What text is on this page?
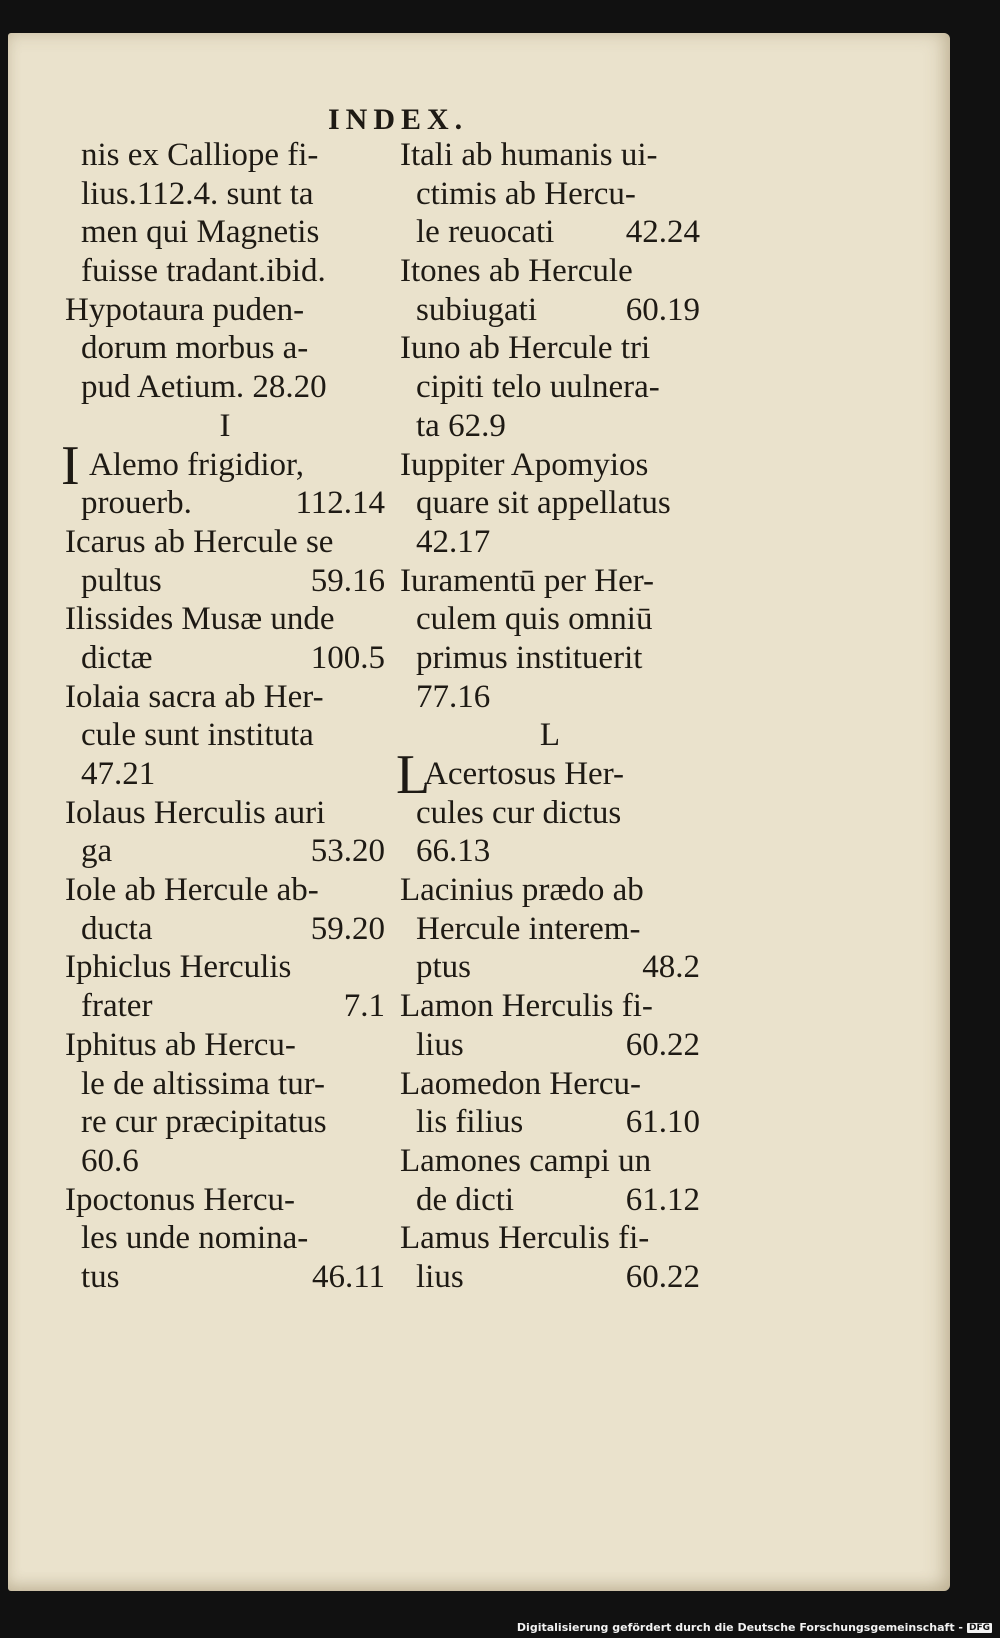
INDEX.
nis ex Calliope fi-
lius.112.4. sunt ta
men qui Magnetis
fuisse tradant.ibid.
Hypotaura puden-
dorum morbus a-
pud Aetium. 28.20
I
I Alemo frigidior,
prouerb.	112.14
Icarus ab Hercule se
pultus	59.16
Ilissides Musæ unde
dictæ	100.5
Iolaia sacra ab Her-
cule sunt instituta
47.21
Iolaus Herculis auri
ga	53.20
Iole ab Hercule ab-
ducta	59.20
Iphiclus Herculis
frater	7.1
Iphitus ab Hercu-
le de altissima tur-
re cur præcipitatus
60.6
Ipoctonus Hercu-
les unde nomina-
tus	46.11
Itali ab humanis ui-
ctimis ab Hercu-
le reuocati 42.24
Itones ab Hercule
subiugati	60.19
Iuno ab Hercule tri
cipiti telo uulnera-
ta 62.9
Iuppiter Apomyios
quare sit appellatus
42.17
Iuramentū per Her-
culem quis omniū
primus instituerit
77.16
L
L
Acertosus Her-
cules cur dictus
66.13
Lacinius prædo ab
Hercule interem-
ptus	48.2
Lamon Herculis fi-
lius	60.22
Laomedon Hercu-
lis filius	61.10
Lamones campi un
de dicti	61.12
Lamus Herculis fi-
lius	60.22
Digitalisierung gefördert durch die Deutsche Forschungsgemeinschaft - DFG
